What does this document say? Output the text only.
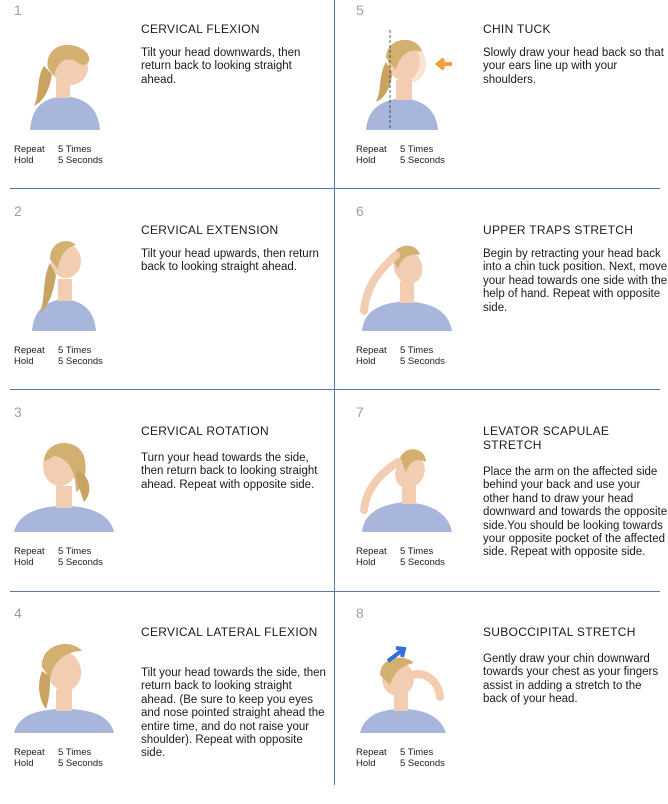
1
CERVICAL FLEXION
Tilt your head downwards, then return back to looking straight ahead.
Repeat 5 Times
Hold	5 Seconds
2
CERVICAL EXTENSION
Tilt your head upwards, then return back to looking straight ahead.
Repeat 5 Times
Hold	5 Seconds
3
CERVICAL ROTATION
Turn your head towards the side, then return back to looking straight ahead. Repeat with opposite side.
Repeat 5 Times
Hold	5 Seconds
4
CERVICAL LATERAL FLEXION
Tilt your head towards the side, then return back to looking straight ahead. (Be sure to keep you eyes and nose pointed straight ahead the entire time, and do not raise your shoulder). Repeat with opposite side.
Repeat 5 Times
Hold	5 Seconds
5
CHIN TUCK
Slowly draw your head back so that your ears line up with your shoulders.
Repeat 5 Times
Hold	5 Seconds
6
UPPER TRAPS STRETCH
Begin by retracting your head back into a chin tuck position. Next, move your head towards one side with the help of hand. Repeat with opposite side.
Repeat 5 Times
Hold	5 Seconds
7
LEVATOR SCAPULAE STRETCH
Place the arm on the affected side behind your back and use your other hand to draw your head downward and towards the opposite side.You should be looking towards your opposite pocket of the affected side. Repeat with opposite side.
Repeat 5 Times
Hold	5 Seconds
8
SUBOCCIPITAL STRETCH
Gently draw your chin downward towards your chest as your fingers assist in adding a stretch to the back of your head.
Repeat 5 Times
Hold	5 Seconds
